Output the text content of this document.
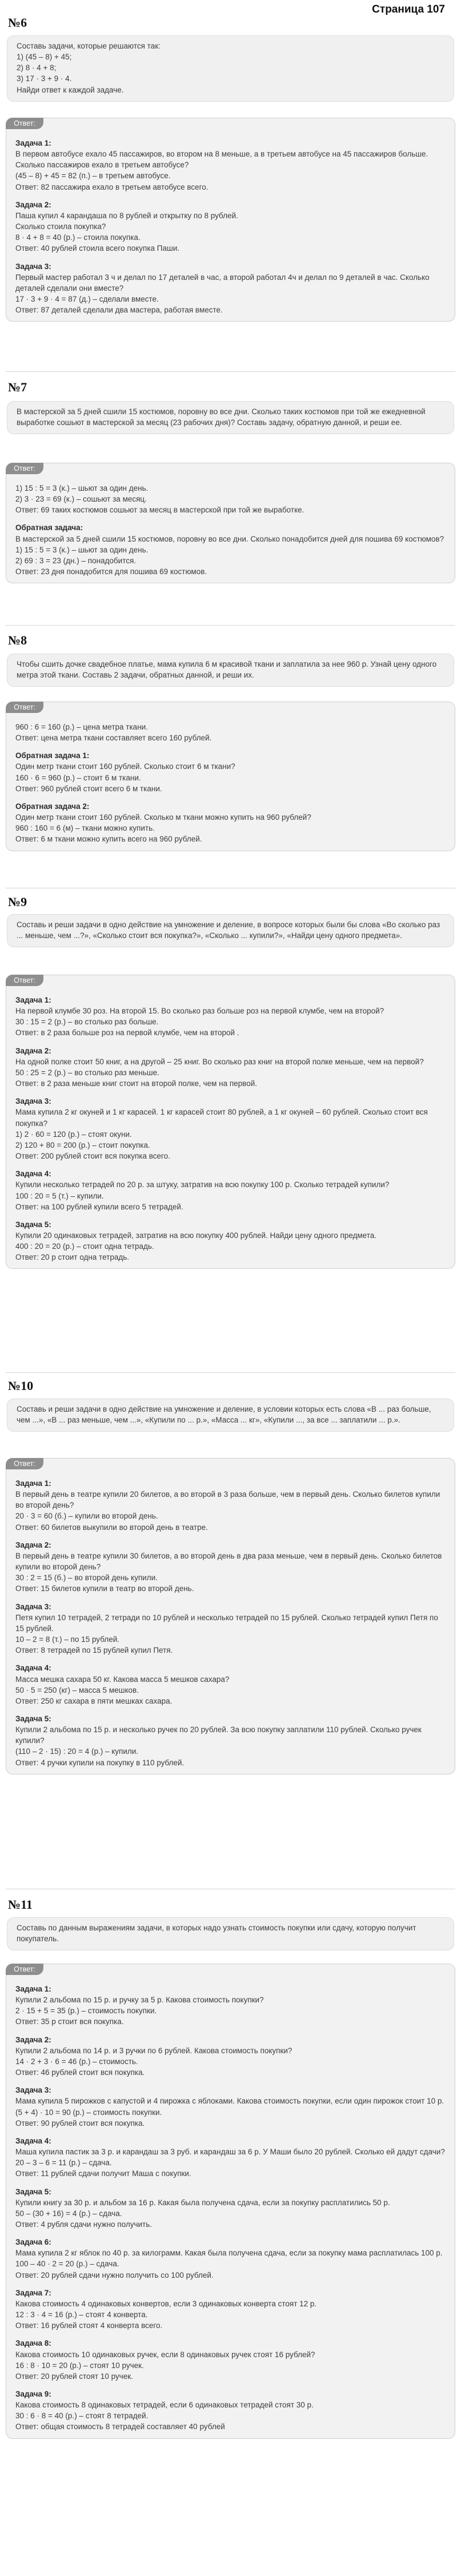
Страница 107
№6
Составь задачи, которые решаются так:
1) (45 – 8) + 45;
2) 8 · 4 + 8;
3) 17 · 3 + 9 · 4.
Найди ответ к каждой задаче.
Ответ:
Задача 1:
В первом автобусе ехало 45 пассажиров, во втором на 8 меньше, а в третьем автобусе на 45 пассажиров больше. Сколько пассажиров ехало в третьем автобусе?
(45 – 8) + 45 = 82 (п.) – в третьем автобусе.
Ответ: 82 пассажира ехало в третьем автобусе всего.
Задача 2:
Паша купил 4 карандаша по 8 рублей и открытку по 8 рублей.
Сколько стоила покупка?
8 · 4 + 8 = 40 (р.) – стоила покупка.
Ответ: 40 рублей стоила всего покупка Паши.
Задача 3:
Первый мастер работал 3 ч и делал по 17 деталей в час, а второй работал 4ч и делал по 9 деталей в час. Сколько деталей сделали они вместе?
17 · 3 + 9 · 4 = 87 (д.) – сделали вместе.
Ответ: 87 деталей сделали два мастера, работая вместе.
№7
В мастерской за 5 дней сшили 15 костюмов, поровну во все дни. Сколько таких костюмов при той же ежедневной выработке сошьют в мастерской за месяц (23 рабочих дня)? Составь задачу, обратную данной, и реши ее.
Ответ:
1) 15 : 5 = 3 (к.) – шьют за один день.
2) 3 · 23 = 69 (к.) – сошьют за месяц.
Ответ: 69 таких костюмов сошьют за месяц в мастерской при той же выработке.
Обратная задача:
В мастерской за 5 дней сшили 15 костюмов, поровну во все дни. Сколько понадобится дней для пошива 69 костюмов?
1) 15 : 5 = 3 (к.) – шьют за один день.
2) 69 : 3 = 23 (дн.) – понадобится.
Ответ: 23 дня понадобится для пошива 69 костюмов.
№8
Чтобы сшить дочке свадебное платье, мама купила 6 м красивой ткани и заплатила за нее 960 р. Узнай цену одного метра этой ткани. Составь 2 задачи, обратных данной, и реши их.
Ответ:
960 : 6 = 160 (р.) – цена метра ткани.
Ответ: цена метра ткани составляет всего 160 рублей.
Обратная задача 1:
Один метр ткани стоит 160 рублей. Сколько стоит 6 м ткани?
160 · 6 = 960 (р.) – стоит 6 м ткани.
Ответ: 960 рублей стоит всего 6 м ткани.
Обратная задача 2:
Один метр ткани стоит 160 рублей. Сколько м ткани можно купить на 960 рублей?
960 : 160 = 6 (м) – ткани можно купить.
Ответ: 6 м ткани можно купить всего на 960 рублей.
№9
Составь и реши задачи в одно действие на умножение и деление, в вопросе которых были бы слова «Во сколько раз ... меньше, чем ...?», «Сколько стоит вся покупка?», «Сколько ... купили?», «Найди цену одного предмета».
Ответ:
Задача 1:
На первой клумбе 30 роз. На второй 15. Во сколько раз больше роз на первой клумбе, чем на второй?
30 : 15 = 2 (р.) – во столько раз больше.
Ответ: в 2 раза больше роз на первой клумбе, чем на второй .
Задача 2:
На одной полке стоит 50 книг, а на другой – 25 книг. Во сколько раз книг на второй полке меньше, чем на первой?
50 : 25 = 2 (р.) – во столько раз меньше.
Ответ: в 2 раза меньше книг стоит на второй полке, чем на первой.
Задача 3:
Мама купила 2 кг окуней и 1 кг карасей. 1 кг карасей стоит 80 рублей, а 1 кг окуней – 60 рублей. Сколько стоит вся покупка?
1) 2 · 60 = 120 (р.) – стоят окуни.
2) 120 + 80 = 200 (р.) – стоит покупка.
Ответ: 200 рублей стоит вся покупка всего.
Задача 4:
Купили несколько тетрадей по 20 р. за штуку, затратив на всю покупку 100 р. Сколько тетрадей купили?
100 : 20 = 5 (т.) – купили.
Ответ: на 100 рублей купили всего 5 тетрадей.
Задача 5:
Купили 20 одинаковых тетрадей, затратив на всю покупку 400 рублей. Найди цену одного предмета.
400 : 20 = 20 (р.) – стоит одна тетрадь.
Ответ: 20 р стоит одна тетрадь.
№10
Составь и реши задачи в одно действие на умножение и деление, в условии которых есть слова «В ... раз больше, чем ...», «В ... раз меньше, чем ...», «Купили по ... р.», «Масса ... кг», «Купили ..., за все ... заплатили ... р.».
Ответ:
Задача 1:
В первый день в театре купили 20 билетов, а во второй в 3 раза больше, чем в первый день. Сколько билетов купили во второй день?
20 · 3 = 60 (б.) – купили во второй день.
Ответ: 60 билетов выкупили во второй день в театре.
Задача 2:
В первый день в театре купили 30 билетов, а во второй день в два раза меньше, чем в первый день. Сколько билетов купили во второй день?
30 : 2 = 15 (б.) – во второй день купили.
Ответ: 15 билетов купили в театр во второй день.
Задача 3:
Петя купил 10 тетрадей, 2 тетради по 10 рублей и несколько тетрадей по 15 рублей. Сколько тетрадей купил Петя по 15 рублей.
10 – 2 = 8 (т.) – по 15 рублей.
Ответ: 8 тетрадей по 15 рублей купил Петя.
Задача 4:
Масса мешка сахара 50 кг. Какова масса 5 мешков сахара?
50 · 5 = 250 (кг) – масса 5 мешков.
Ответ: 250 кг сахара в пяти мешках сахара.
Задача 5:
Купили 2 альбома по 15 р. и несколько ручек по 20 рублей. За всю покупку заплатили 110 рублей. Сколько ручек купили?
(110 – 2 · 15) : 20 = 4 (р.) – купили.
Ответ: 4 ручки купили на покупку в 110 рублей.
№11
Составь по данным выражениям задачи, в которых надо узнать стоимость покупки или сдачу, которую получит покупатель.
Ответ:
Задача 1:
Купили 2 альбома по 15 р. и ручку за 5 р. Какова стоимость покупки?
2 · 15 + 5 = 35 (р.) – стоимость покупки.
Ответ: 35 р стоит вся покупка.
Задача 2:
Купили 2 альбома по 14 р. и 3 ручки по 6 рублей. Какова стоимость покупки?
14 · 2 + 3 · 6 = 46 (р.) – стоимость.
Ответ: 46 рублей стоит вся покупка.
Задача 3:
Мама купила 5 пирожков с капустой и 4 пирожка с яблоками. Какова стоимость покупки, если один пирожок стоит 10 р.
(5 + 4) · 10 = 90 (р.) – стоимость покупки.
Ответ: 90 рублей стоит вся покупка.
Задача 4:
Маша купила пастик за 3 р. и карандаш за 3 руб. и карандаш за 6 р. У Маши было 20 рублей. Сколько ей дадут сдачи?
20 – 3 – 6 = 11 (р.) – сдача.
Ответ: 11 рублей сдачи получит Маша с покупки.
Задача 5:
Купили книгу за 30 р. и альбом за 16 р. Какая была получена сдача, если за покупку расплатились 50 р.
50 – (30 + 16) = 4 (р.) – сдача.
Ответ: 4 рубля сдачи нужно получить.
Задача 6:
Мама купила 2 кг яблок по 40 р. за килограмм. Какая была получена сдача, если за покупку мама расплатилась 100 р.
100 – 40 · 2 = 20 (р.) – сдача.
Ответ: 20 рублей сдачи нужно получить со 100 рублей.
Задача 7:
Какова стоимость 4 одинаковых конвертов, если 3 одинаковых конверта стоят 12 р.
12 : 3 · 4 = 16 (р.) – стоят 4 конверта.
Ответ: 16 рублей стоят 4 конверта всего.
Задача 8:
Какова стоимость 10 одинаковых ручек, если 8 одинаковых ручек стоят 16 рублей?
16 : 8 · 10 = 20 (р.) – стоят 10 ручек.
Ответ: 20 рублей стоят 10 ручек.
Задача 9:
Какова стоимость 8 одинаковых тетрадей, если 6 одинаковых тетрадей стоят 30 р.
30 : 6 · 8 = 40 (р.) – стоят 8 тетрадей.
Ответ: общая стоимость 8 тетрадей составляет 40 рублей
